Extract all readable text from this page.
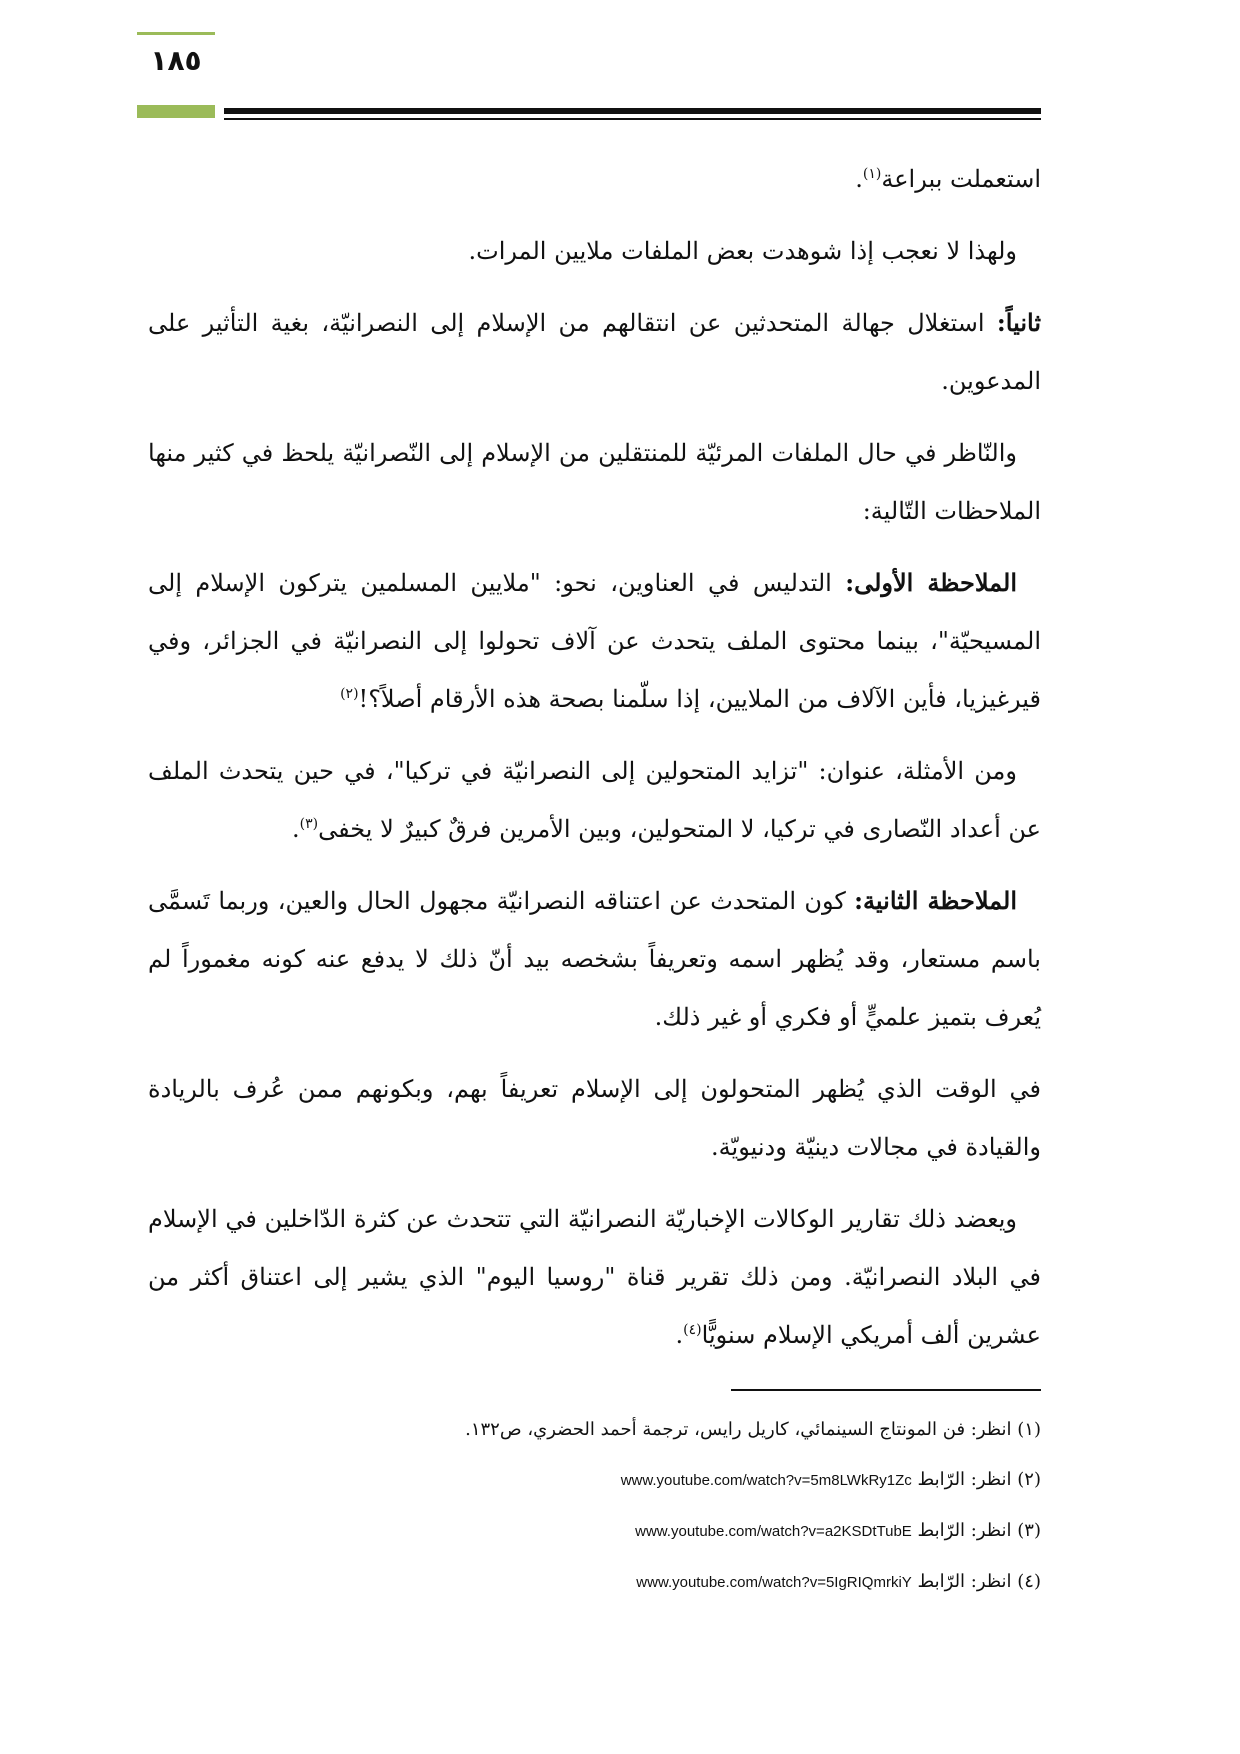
١٨٥

استعملت ببراعة$^{(١)}$.

ولهذا لا نعجب إذا شوهدت بعض الملفات ملايين المرات.

ثانياً: استغلال جهالة المتحدثين عن انتقالهم من الإسلام إلى النصرانيّة، بغية التأثير على المدعوين.

والنّاظر في حال الملفات المرئيّة للمنتقلين من الإسلام إلى النّصرانيّة يلحظ في كثير منها الملاحظات التّالية:

الملاحظة الأولى: التدليس في العناوين، نحو: "ملايين المسلمين يتركون الإسلام إلى المسيحيّة"، بينما محتوى الملف يتحدث عن آلاف تحولوا إلى النصرانيّة في الجزائر، وفي قيرغيزيا، فأين الآلاف من الملايين، إذا سلّمنا بصحة هذه الأرقام أصلاً؟!$^{(٢)}$

ومن الأمثلة، عنوان: "تزايد المتحولين إلى النصرانيّة في تركيا"، في حين يتحدث الملف عن أعداد النّصارى في تركيا، لا المتحولين، وبين الأمرين فرقٌ كبيرٌ لا يخفى$^{(٣)}$.

الملاحظة الثانية: كون المتحدث عن اعتناقه النصرانيّة مجهول الحال والعين، وربما تَسمَّى باسم مستعار، وقد يُظهر اسمه وتعريفاً بشخصه بيد أنّ ذلك لا يدفع عنه كونه مغموراً لم يُعرف بتميز علميٍّ أو فكري أو غير ذلك.

في الوقت الذي يُظهر المتحولون إلى الإسلام تعريفاً بهم، وبكونهم ممن عُرف بالريادة والقيادة في مجالات دينيّة ودنيويّة.

ويعضد ذلك تقارير الوكالات الإخباريّة النصرانيّة التي تتحدث عن كثرة الدّاخلين في الإسلام في البلاد النصرانيّة. ومن ذلك تقرير قناة "روسيا اليوم" الذي يشير إلى اعتناق أكثر من عشرين ألف أمريكي الإسلام سنويًّا$^{(٤)}$.

(١) انظر: فن المونتاج السينمائي، كاريل رايس، ترجمة أحمد الحضري، ص١٣٢.
(٢) انظر: الرّابط www.youtube.com/watch?v=5m8LWkRy1Zc
(٣) انظر: الرّابط www.youtube.com/watch?v=a2KSDtTubE
(٤) انظر: الرّابط www.youtube.com/watch?v=5IgRIQmrkiY
